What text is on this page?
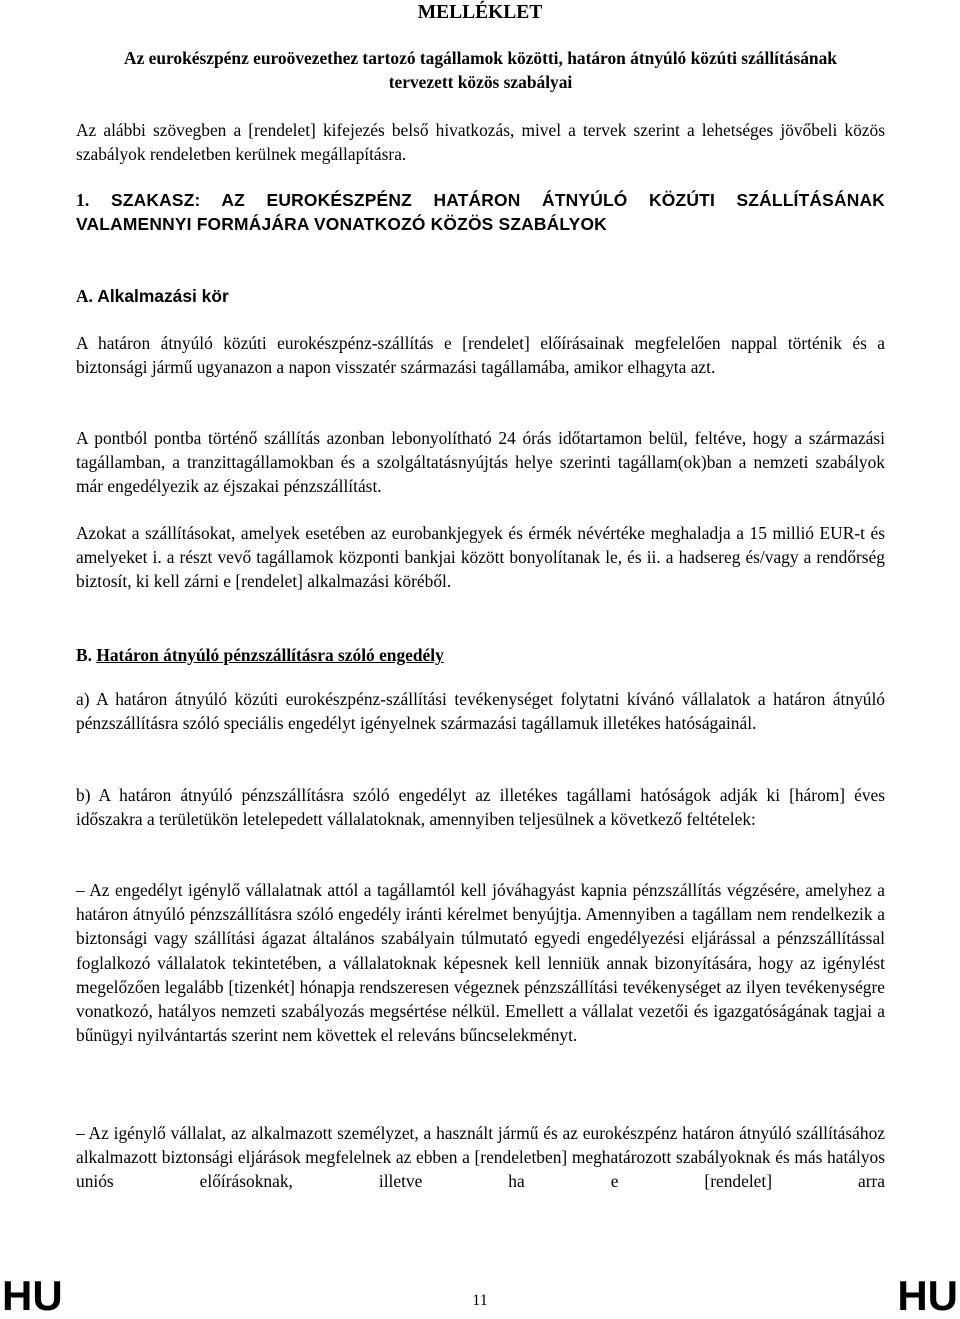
MELLÉKLET
Az eurokészpénz euroövezethez tartozó tagállamok közötti, határon átnyúló közúti szállításának tervezett közös szabályai

Az alábbi szövegben a [rendelet] kifejezés belső hivatkozás, mivel a tervek szerint a lehetséges jövőbeli közös szabályok rendeletben kerülnek megállapításra.

1. SZAKASZ: AZ EUROKÉSZPÉNZ HATÁRON ÁTNYÚLÓ KÖZÚTI SZÁLLÍTÁSÁNAK VALAMENNYI FORMÁJÁRA VONATKOZÓ KÖZÖS SZABÁLYOK

A. Alkalmazási kör

A határon átnyúló közúti eurokészpénz-szállítás e [rendelet] előírásainak megfelelően nappal történik és a biztonsági jármű ugyanazon a napon visszatér származási tagállamába, amikor elhagyta azt.

A pontból pontba történő szállítás azonban lebonyolítható 24 órás időtartamon belül, feltéve, hogy a származási tagállamban, a tranzittagállamokban és a szolgáltatásnyújtás helye szerinti tagállam(ok)ban a nemzeti szabályok már engedélyezik az éjszakai pénzszállítást.

Azokat a szállításokat, amelyek esetében az eurobankjegyek és érmék névértéke meghaladja a 15 millió EUR-t és amelyeket i. a részt vevő tagállamok központi bankjai között bonyolítanak le, és ii. a hadsereg és/vagy a rendőrség biztosít, ki kell zárni e [rendelet] alkalmazási köréből.

B. Határon átnyúló pénzszállításra szóló engedély

a) A határon átnyúló közúti eurokészpénz-szállítási tevékenységet folytatni kívánó vállalatok a határon átnyúló pénzszállításra szóló speciális engedélyt igényelnek származási tagállamuk illetékes hatóságainál.

b) A határon átnyúló pénzszállításra szóló engedélyt az illetékes tagállami hatóságok adják ki [három] éves időszakra a területükön letelepedett vállalatoknak, amennyiben teljesülnek a következő feltételek:

– Az engedélyt igénylő vállalatnak attól a tagállamtól kell jóváhagyást kapnia pénzszállítás végzésére, amelyhez a határon átnyúló pénzszállításra szóló engedély iránti kérelmet benyújtja. Amennyiben a tagállam nem rendelkezik a biztonsági vagy szállítási ágazat általános szabályain túlmutató egyedi engedélyezési eljárással a pénzszállítással foglalkozó vállalatok tekintetében, a vállalatoknak képesnek kell lenniük annak bizonyítására, hogy az igénylést megelőzően legalább [tizenkét] hónapja rendszeresen végeznek pénzszállítási tevékenységet az ilyen tevékenységre vonatkozó, hatályos nemzeti szabályozás megsértése nélkül. Emellett a vállalat vezetői és igazgatóságának tagjai a bűnügyi nyilvántartás szerint nem követtek el releváns bűncselekményt.

– Az igénylő vállalat, az alkalmazott személyzet, a használt jármű és az eurokészpénz határon átnyúló szállításához alkalmazott biztonsági eljárások megfelelnek az ebben a [rendeletben] meghatározott szabályoknak és más hatályos uniós előírásoknak, illetve ha e [rendelet] arra

HU	HU
11
